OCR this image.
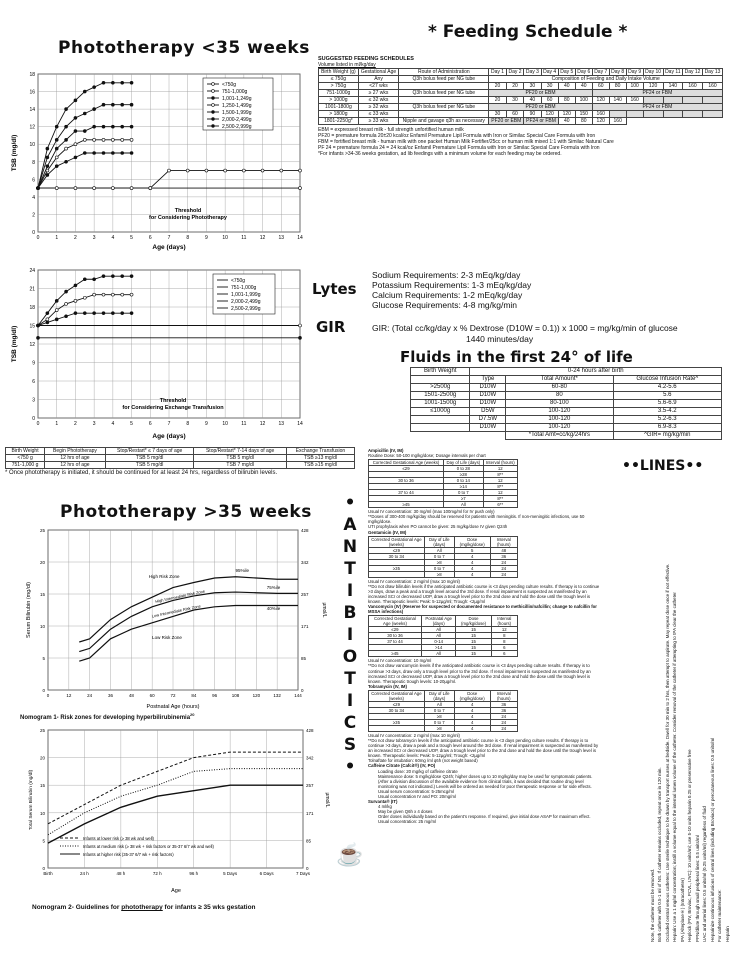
Phototherapy <35 weeks
0	1	2	3	4	5	6	7	8	9	10	11	12	13	14
0
2
4
6
8
10
12
14
16
18
Age (days)
TSB (mg/dl)
<750g
751-1,000g
1,001-1,249g
1,250-1,499g
1,500-1,999g
2,000-2,499g
2,500-2,999g
Threshold
for Considering Phototherapy
0	1	2	3	4	5	6	7	8	9	10	11	12	13	14
0
3
6
9
12
15
18
21
24
Age (days)
TSB (mg/dl)
<750g
751-1,000g
1,001-1,999g
2,000-2,499g
2,500-2,999g
Threshold
for Considering Exchange Transfusion
Birth Weight	Begin Phototherapy	Stop/Restart* ≤ 7 days of age	Stop/Restart* 7-14 days of age	Exchange Transfusion
<750 g	12 hrs of age	TSB 5 mg/dl	TSB 5 mg/dl	TSB ≥13 mg/dl
751-1,000 g	12 hrs of age	TSB 5 mg/dl	TSB 7 mg/dl	TSB ≥15 mg/dl
* Once phototherapy is initiated, it should be continued for at least 24 hrs, regardless of bilirubin levels.
Phototherapy >35 weeks
0	12	24	36	48	60	72	84	96	108	120	132	144
0
5
10
15
20
25
0
85
171
257
342
428
Postnatal Age (hours)
Serum Bilirubin (mg/dl)	µmol/L
High Risk Zone
High Intermediate Risk Zone
Low Intermediate Risk Zone
Low Risk Zone
95%ile
75%ile
40%ile
Nomogram 1- Risk zones for developing hyperbilirubinemia$^{20}$
Birth	24 h	48 h	72 h	96 h	5 Days	6 Days	7 Days
0
5
10
15
20
25
0
85
171
257
342
428
Age
Total Serum Bilirubin (mg/dl)	µmol/L
Infants at lower risk (≥ 38 wk and well)
Infants at medium risk (≥ 38 wk + risk factors or 35-37 6/7 wk and well)
Infants at higher risk (35-37 6/7 wk + risk factors)
Nomogram 2- Guidelines for phototherapy for infants ≥ 35 wks gestation
* Feeding Schedule *
SUGGESTED FEEDING SCHEDULES
Volume listed in ml/kg/day
Birth Weight (g)	Gestational Age	Route of Administration	Day 1	Day 2	Day 3	Day 4	Day 5	Day 6	Day 7	Day 8	Day 9	Day 10	Day 11	Day 12	Day 13
≤ 750g	Any	Q3h bolus feed per NG tube	Composition of Feeding and Daily Intake Volume												
> 750g	<27 wks		20	20	30	30	40	40	60	80	100	120	140	160	160
751-1000g	≥ 27 wks	Q3h bolus feed per NG tube	PF20 or EBM						PF24 or FBM						
> 1000g	≤ 32 wks		20	30	40	60	80	100	120	140	160				
1001-1800g	≥ 32 wks	Q3h bolus feed per NG tube	PF20 or EBM						PF24 or FBM						
> 1800g	≤ 33 wks		30	60	90	120	120	150	160						
1801-2250g*	≥ 33 wks	Nipple and gavage q3h as necessary	PF20 or EBM		PF24 or FBM		40	80	120	160					
EBM = expressed breast milk - full strength unfortified human milk
PF20 = premature formula 20±20 kcal/oz Enfamil Premature Lipil Formula with Iron or Similac Special Care Formula with Iron
FBM = fortified breast milk - human milk with one packet Human Milk Fortifier/25cc or human milk mixed 1:1 with Similac Natural Care
PF 24 = premature formula 24 = 24 kcal/oz Enfamil Premature Lipil Formula with Iron or Similac Special Care Formula with Iron
*For infants >34-36 weeks gestation, ad lib feedings with a minimum volume for each feeding may be ordered.
Lytes
Sodium Requirements: 2-3 mEq/kg/day
Potassium Requirements: 1-3 mEq/kg/day
Calcium Requirements: 1-2 mEq/kg/day
Glucose Requirements: 4-8 mg/kg/min
GIR	GIR: (Total cc/kg/day x % Dextrose (D10W = 0.1)) x 1000 = mg/kg/min of glucose
1440 minutes/day
Fluids in the first 24° of life
Birth Weight	0-24 hours after birth		
	Type	Total Amount*	Glucose Infusion Rate^
>2500g	D10W	60-80	4.2-5.6
1501-2500g	D10W	80	5.6
1001-1500g	D10W	80-100	5.6-6.9
≤1000g	D5W	100-120	3.5-4.2
	D7.5W	100-120	5.2-6.3
	D10W	100-120	6.9-8.3
		*Total Amt=cc/kg/24hrs	^GIR= mg/kg/min
•
A
N
T
I
B
I
O
T
I
C
S
•
Ampicillin (IV, IM)
Routine Dose: 50-100 mg/kg/dose; Dosage intervals per chart
Corrected Gestational Age (weeks)	Day of Life (days)	Interval (hours)
≤29	0 to 28	12
	≥28	8**
30 to 36	0 to 14	12
	≥14	8**
37 to 44	0 to 7	12
	≥7	8**
≥45	All	6**
Usual IV concentration: 30 mg/ml (max 100mg/ml for IV push only)
**Doses of 300-400 mg/kg/day should be reserved for patients with meningitis. If non-meningitic infections, use 50 mg/kg/dose.
UTI prophylaxis when PO cannot be given: 25 mg/kg/dose IV given Q24h
Gentamicin (IV, IM)
Corrected Gestational Age (weeks)	Day of Life (days)	Dose (mg/kg/dose)	Interval (hours)
≤29	All	5	48
30 to 34	0 to 7	4	36
	≥8	4	24
≥35	0 to 7	4	24
	≥8	4	24
Usual IV concentration: 2 mg/ml (max 10 mg/ml)
**Do not draw bilirubin levels if the anticipated antibiotic course is <3 days pending culture results. If therapy is to continue >3 days, draw a peak and a trough level around the 3rd dose. If renal impairment is suspected as manifested by an increased SCr or decreased UOP, draw a trough level prior to the 2nd dose and hold the dose until the trough level is known. Therapeutic levels: Peak: 5-12µg/ml; Trough: <2µg/ml
Vancomycin (IV) (Reserve for suspected or documented resistance to methicillin/nafcillin; change to nafcillin for MSSA infections)
Corrected Gestational Age (weeks)	Postnatal Age (days)	Dose (mg/kg/dose)	Interval (hours)
≤29	All	15	12
30 to 36	All	15	8
37 to 44	0-14	15	8
	>14	15	6
≥45	All	15	6
Usual IV concentration: 10 mg/ml
**Do not draw vancomycin levels if the anticipated antibiotic course is <3 days pending culture results. If therapy is to continue >3 days, draw only a trough level prior to the 3rd dose. If renal impairment is suspected as manifested by an increased SCr or decreased UOP, draw a trough level prior to the 2nd dose and hold the dose until the trough level is known. Therapeutic trough levels: 10-20µg/ml.
Tobramycin (IV, IM)
Corrected Gestational Age (weeks)	Day of Life (days)	Dose (mg/kg/dose)	Interval (hours)
≤29	All	4	36
30 to 34	0 to 7	4	36
	≥8	4	24
≥35	0 to 7	4	24
	≥8	4	24
Usual IV concentration: 2 mg/ml (max 10 mg/ml)
**Do not draw tobramycin levels if the anticipated antibiotic course is <3 days pending culture results. If therapy is to continue >3 days, draw a peak and a trough level around the 3rd dose. If renal impairment is suspected as manifested by an increased SCr or decreased UOP, draw a trough level prior to the 2nd dose and hold the dose until the trough level is known. Therapeutic levels: Peak: 5-12µg/ml; Trough: <2µg/ml
Tolnaftate for intubation: 60mg /ml q6h (not weight based)
Caffeine Citrate (Cafcit®) (IV, PO)
Loading dose: 20 mg/kg of caffeine citrate
Maintenance dose: 5 mg/kg/dose Q24h; higher doses up to 10 mg/kg/day may be used for symptomatic patients.
(After a division discussion of the available evidence from clinical trials, it was decided that routine drug level monitoring was not indicated.) Levels will be ordered as needed for poor therapeutic response or for side effects. Usual serum concentration: 5-25mcg/ml
Usual concentration IV and PO: 20mg/ml
Survanta® (IT)
4 ml/kg
May be given Q6h x 4 doses
Order doses individually based on the patient's response. If required, give initial dose ASAP for maximum effect.
Usual concentration: 25 mg/ml
☕
••LINES••
Heparin
For catheter maintenance:
Heparinize continuous infusions of central lines (including Broviacs) or percutaneous lines: 0.5 units/ml
UAC and arterial lines: 0.5 units/ml (0.25 units/ml) regardless of fluid
PPN/dilute through small peripheral lines: 0.5 units/ml
Heplock (PIV, Broviac, PCVL, IJVC): 10 units/ml; use 5-10 units heparin 0.25 or preservative free
tPA (Alteplase®) (Intracatheter)
Heparin: Use a 1 mg/ml concentration; instill a volume equal to the internal lumen volume of the catheter. Consider removal of the catheter if attempting to tPA clear the catheter
Occluded central venous catheters: Use sterile technique to be drawn by transport nurses at bedside. Dwell for 30 min to 2 hrs, then attempt to aspirate. May repeat dose once if not effective.
Both catheter with 0.5-1 ml of NS. If catheter remains occluded, repeat once in 120 min.
Note, the catheter must be removed.
